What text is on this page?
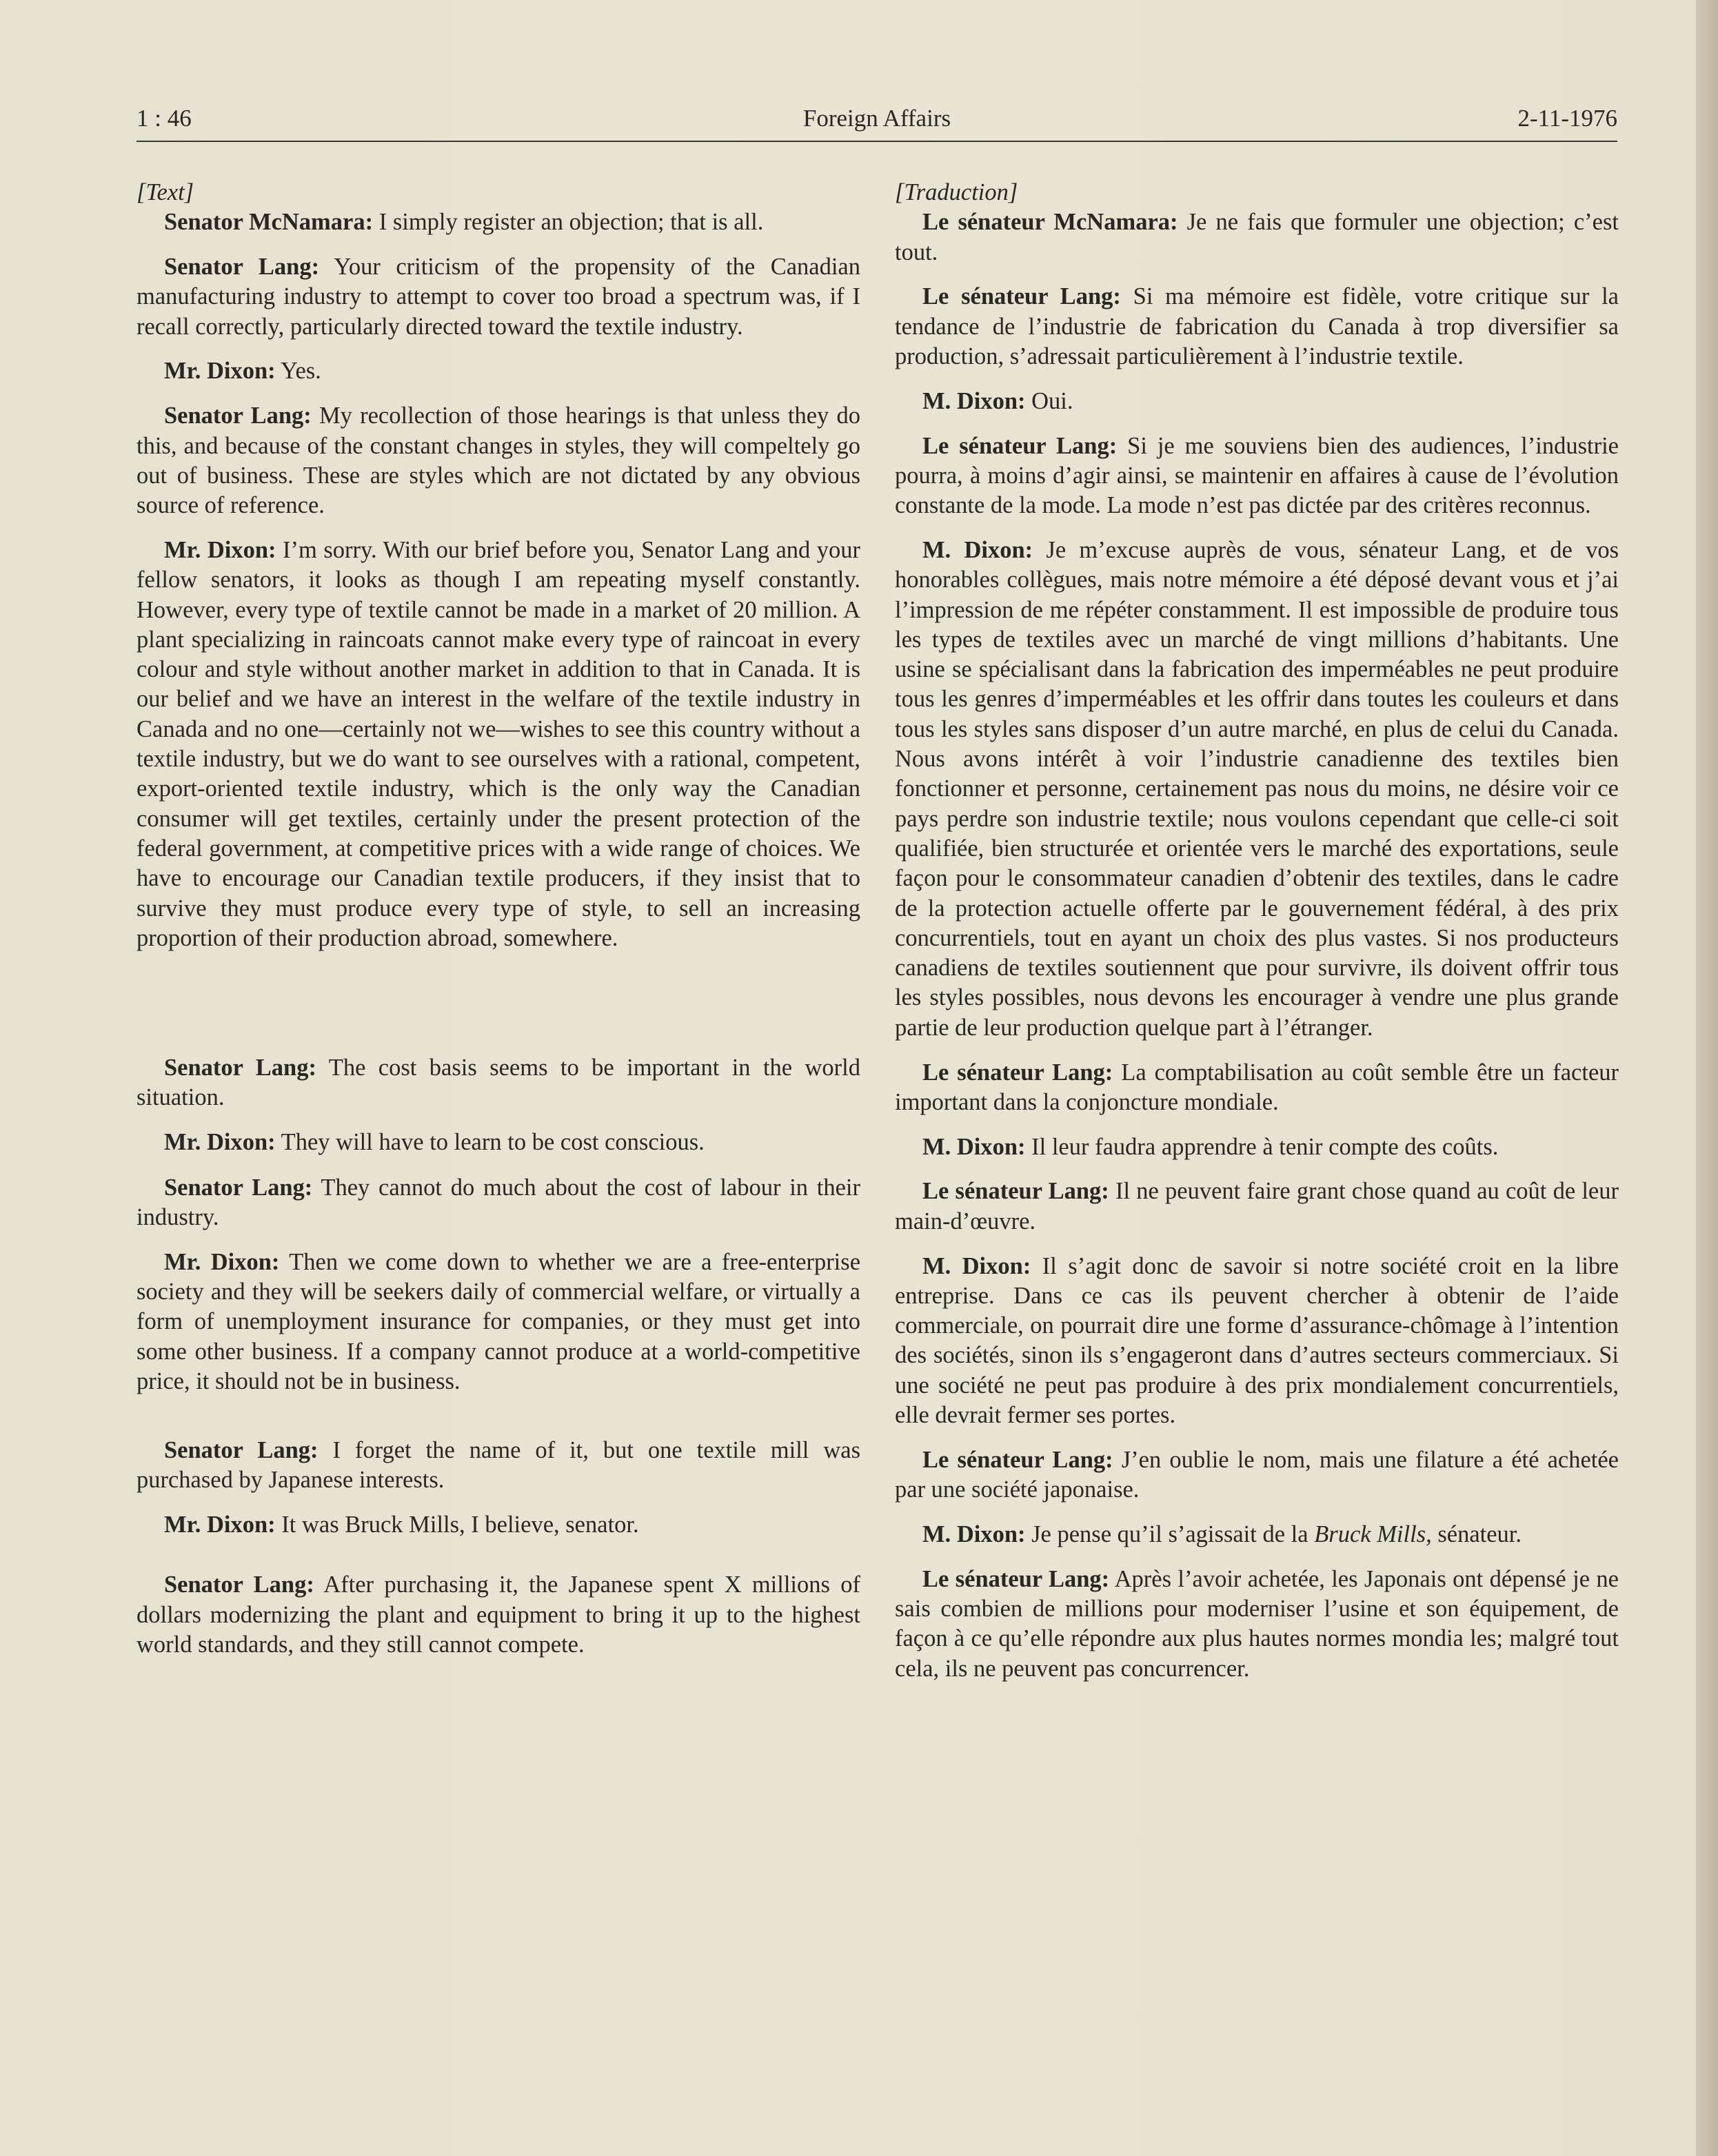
1 : 46	Foreign Affairs	2-11-1976

[Text]

Senator McNamara: I simply register an objection; that is all.

Senator Lang: Your criticism of the propensity of the Canadian manufacturing industry to attempt to cover too broad a spectrum was, if I recall correctly, particularly directed toward the textile industry.

Mr. Dixon: Yes.

Senator Lang: My recollection of those hearings is that unless they do this, and because of the constant changes in styles, they will compeltely go out of business. These are styles which are not dictated by any obvious source of reference.

Mr. Dixon: I’m sorry. With our brief before you, Senator Lang and your fellow senators, it looks as though I am repeating myself constantly. However, every type of textile cannot be made in a market of 20 million. A plant specializing in raincoats cannot make every type of raincoat in every colour and style without another market in addition to that in Canada. It is our belief and we have an interest in the welfare of the textile industry in Canada and no one—certainly not we—wishes to see this country without a textile industry, but we do want to see ourselves with a rational, competent, export-oriented textile industry, which is the only way the Canadian consumer will get textiles, certainly under the present protection of the federal government, at competitive prices with a wide range of choices. We have to encourage our Canadian textile producers, if they insist that to survive they must produce every type of style, to sell an increasing proportion of their production abroad, somewhere.

Senator Lang: The cost basis seems to be important in the world situation.

Mr. Dixon: They will have to learn to be cost conscious.

Senator Lang: They cannot do much about the cost of labour in their industry.

Mr. Dixon: Then we come down to whether we are a free-enterprise society and they will be seekers daily of commercial welfare, or virtually a form of unemployment insurance for companies, or they must get into some other business. If a company cannot produce at a world-competitive price, it should not be in business.

Senator Lang: I forget the name of it, but one textile mill was purchased by Japanese interests.

Mr. Dixon: It was Bruck Mills, I believe, senator.

Senator Lang: After purchasing it, the Japanese spent X millions of dollars modernizing the plant and equipment to bring it up to the highest world standards, and they still cannot compete.

[Traduction]

Le sénateur McNamara: Je ne fais que formuler une objection; c’est tout.

Le sénateur Lang: Si ma mémoire est fidèle, votre critique sur la tendance de l’industrie de fabrication du Canada à trop diversifier sa production, s’adressait particulièrement à l’industrie textile.

M. Dixon: Oui.

Le sénateur Lang: Si je me souviens bien des audiences, l’industrie pourra, à moins d’agir ainsi, se maintenir en affaires à cause de l’évolution constante de la mode. La mode n’est pas dictée par des critères reconnus.

M. Dixon: Je m’excuse auprès de vous, sénateur Lang, et de vos honorables collègues, mais notre mémoire a été déposé devant vous et j’ai l’impression de me répéter constamment. Il est impossible de produire tous les types de textiles avec un marché de vingt millions d’habitants. Une usine se spécialisant dans la fabrication des imperméables ne peut produire tous les genres d’imperméables et les offrir dans toutes les couleurs et dans tous les styles sans disposer d’un autre marché, en plus de celui du Canada. Nous avons intérêt à voir l’industrie canadienne des textiles bien fonctionner et personne, certainement pas nous du moins, ne désire voir ce pays perdre son industrie textile; nous voulons cependant que celle-ci soit qualifiée, bien structurée et orientée vers le marché des exportations, seule façon pour le consommateur canadien d’obtenir des textiles, dans le cadre de la protection actuelle offerte par le gouvernement fédéral, à des prix concurrentiels, tout en ayant un choix des plus vastes. Si nos producteurs canadiens de textiles soutiennent que pour survivre, ils doivent offrir tous les styles possibles, nous devons les encourager à vendre une plus grande partie de leur production quelque part à l’étranger.

Le sénateur Lang: La comptabilisation au coût semble être un facteur important dans la conjoncture mondiale.

M. Dixon: Il leur faudra apprendre à tenir compte des coûts.

Le sénateur Lang: Il ne peuvent faire grant chose quand au coût de leur main-d’œuvre.

M. Dixon: Il s’agit donc de savoir si notre société croit en la libre entreprise. Dans ce cas ils peuvent chercher à obtenir de l’aide commerciale, on pourrait dire une forme d’assurance-chômage à l’intention des sociétés, sinon ils s’engageront dans d’autres secteurs commerciaux. Si une société ne peut pas produire à des prix mondialement concurrentiels, elle devrait fermer ses portes.

Le sénateur Lang: J’en oublie le nom, mais une filature a été achetée par une société japonaise.

M. Dixon: Je pense qu’il s’agissait de la Bruck Mills, sénateur.

Le sénateur Lang: Après l’avoir achetée, les Japonais ont dépensé je ne sais combien de millions pour moderniser l’usine et son équipement, de façon à ce qu’elle répondre aux plus hautes normes mondia les; malgré tout cela, ils ne peuvent pas concurrencer.
